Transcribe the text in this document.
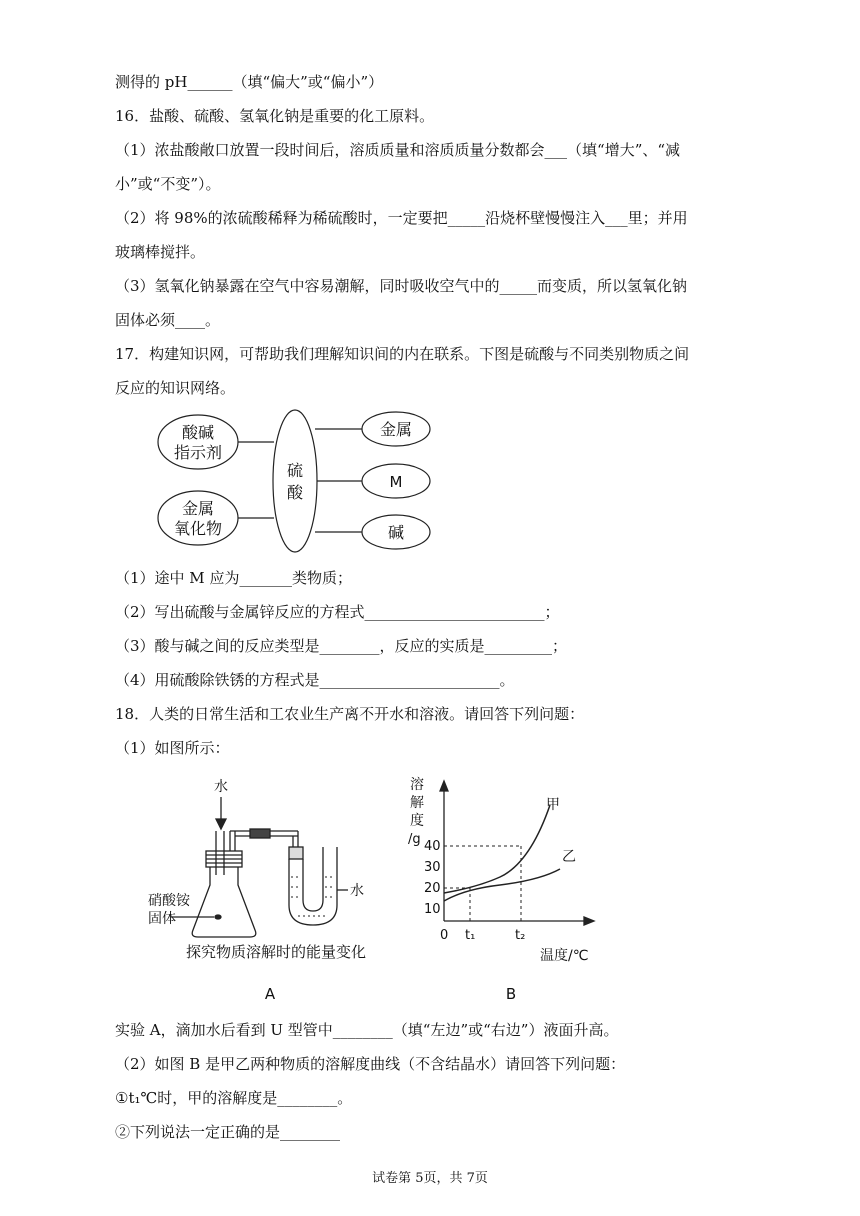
测得的 pH______（填“偏大”或“偏小”）
16．盐酸、硫酸、氢氧化钠是重要的化工原料。
（1）浓盐酸敞口放置一段时间后，溶质质量和溶质质量分数都会___（填“增大”、“减
小”或“不变”）。
（2）将 98%的浓硫酸稀释为稀硫酸时，一定要把_____沿烧杯壁慢慢注入___里；并用
玻璃棒搅拌。
（3）氢氧化钠暴露在空气中容易潮解，同时吸收空气中的_____而变质，所以氢氧化钠
固体必须____。
17．构建知识网，可帮助我们理解知识间的内在联系。下图是硫酸与不同类别物质之间
反应的知识网络。
酸碱
指示剂
金属
氧化物
硫
酸
金属
M
碱
（1）途中 M 应为_______类物质；
（2）写出硫酸与金属锌反应的方程式________________________；
（3）酸与碱之间的反应类型是________，反应的实质是_________；
（4）用硫酸除铁锈的方程式是________________________。
18．人类的日常生活和工农业生产离不开水和溶液。请回答下列问题：
（1）如图所示：
水
水
硝酸铵
固体
探究物质溶解时的能量变化
A
溶
解
度
/g 40
30
20
10
0 t₁	t₂
温度/℃
甲
乙
B
实验 A，滴加水后看到 U 型管中________（填“左边”或“右边”）液面升高。
（2）如图 B 是甲乙两种物质的溶解度曲线（不含结晶水）请回答下列问题：
①t₁℃时，甲的溶解度是________。
②下列说法一定正确的是________
试卷第 5页，共 7页
